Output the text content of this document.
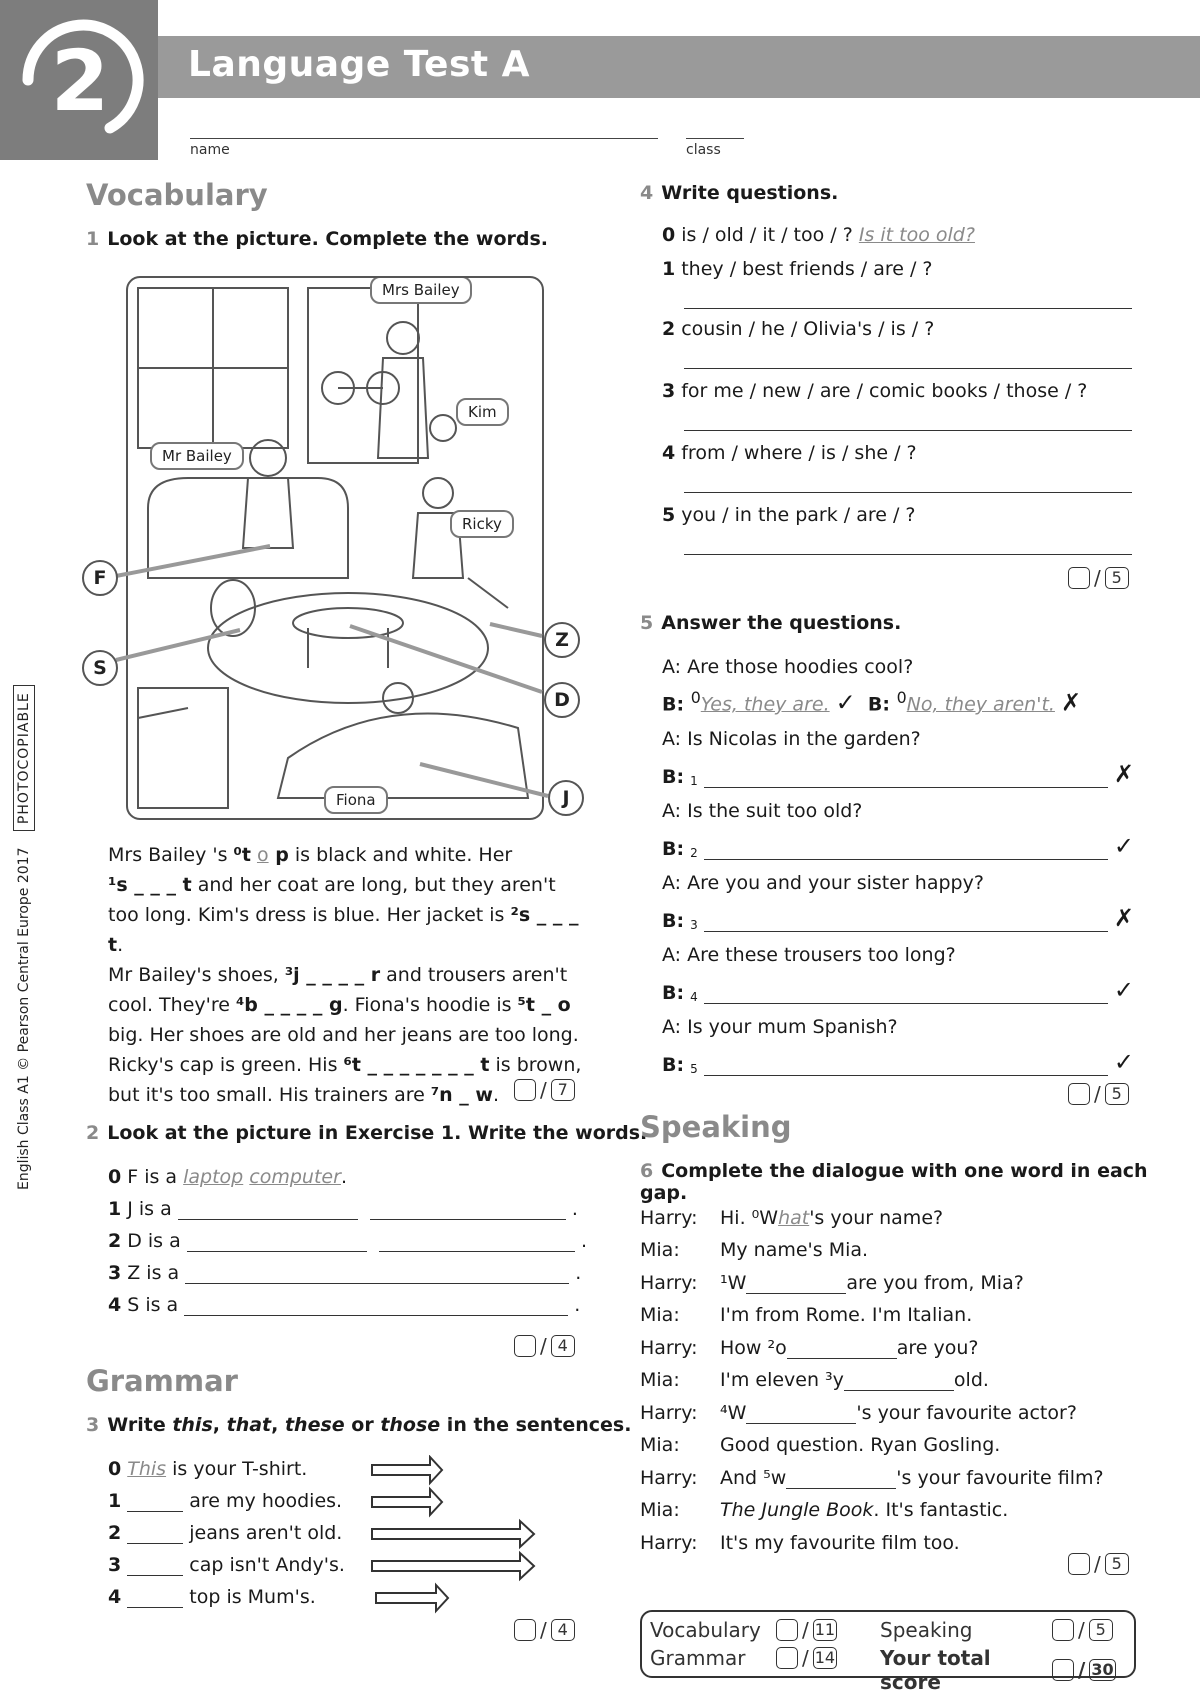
2 Language Test A
name	class
English Class A1 © Pearson Central Europe 2017 PHOTOCOPIABLE
Vocabulary
1 Look at the picture. Complete the words.
Mrs Bailey
Kim
Mr Bailey
Ricky
Fiona
F
S
Z
D
J
Mrs Bailey 's ⁰t o p is black and white. Her
¹s _ _ _ t and her coat are long, but they aren't
too long. Kim's dress is blue. Her jacket is ²s _ _ _ t.
Mr Bailey's shoes, ³j _ _ _ _ r and trousers aren't
cool. They're ⁴b _ _ _ _ g. Fiona's hoodie is ⁵t _ o
big. Her shoes are old and her jeans are too long.
Ricky's cap is green. His ⁶t _ _ _ _ _ _ _ t is brown,
but it's too small. His trainers are ⁷n _ w.	/ 7
2 Look at the picture in Exercise 1. Write the words.
0 F is a laptop computer.
1 J is a	.
2 D is a	.
3 Z is a	.
4 S is a	.
/ 4
Grammar
3 Write this, that, these or those in the sentences.
0 This is your T-shirt.
1	are my hoodies.
2	jeans aren't old.
3	cap isn't Andy's.
4	top is Mum's.
/ 4
4 Write questions.
0 is / old / it / too / ? Is it too old?
1 they / best friends / are / ?
2 cousin / he / Olivia's / is / ?
3 for me / new / are / comic books / those / ?
4 from / where / is / she / ?
5 you / in the park / are / ?
/ 5
5 Answer the questions.
A: Are those hoodies cool?
B: $^0$Yes, they are. ✓ B: $^0$No, they aren't. ✗
A: Is Nicolas in the garden?
B: $_1$	✗
A: Is the suit too old?
B: $_2$	✓
A: Are you and your sister happy?
B: $_3$	✗
A: Are these trousers too long?
B: $_4$	✓
A: Is your mum Spanish?
B: $_5$	✓
/ 5
Speaking
6 Complete the dialogue with one word in each gap.
Harry:	Hi. ⁰W hat 's your name?
Mia:	My name's Mia.
Harry:	¹W	are you from, Mia?
Mia:	I'm from Rome. I'm Italian.
Harry:	How ²o	are you?
Mia:	I'm eleven ³y	old.
Harry:	⁴W	's your favourite actor?
Mia:	Good question. Ryan Gosling.
Harry:	And ⁵w	's your favourite film?
Mia:	The Jungle Book . It's fantastic.
Harry:	It's my favourite film too.
/ 5
Vocabulary	/ 11
Grammar	/ 14
Speaking	/ 5
Your total score	/ 30
